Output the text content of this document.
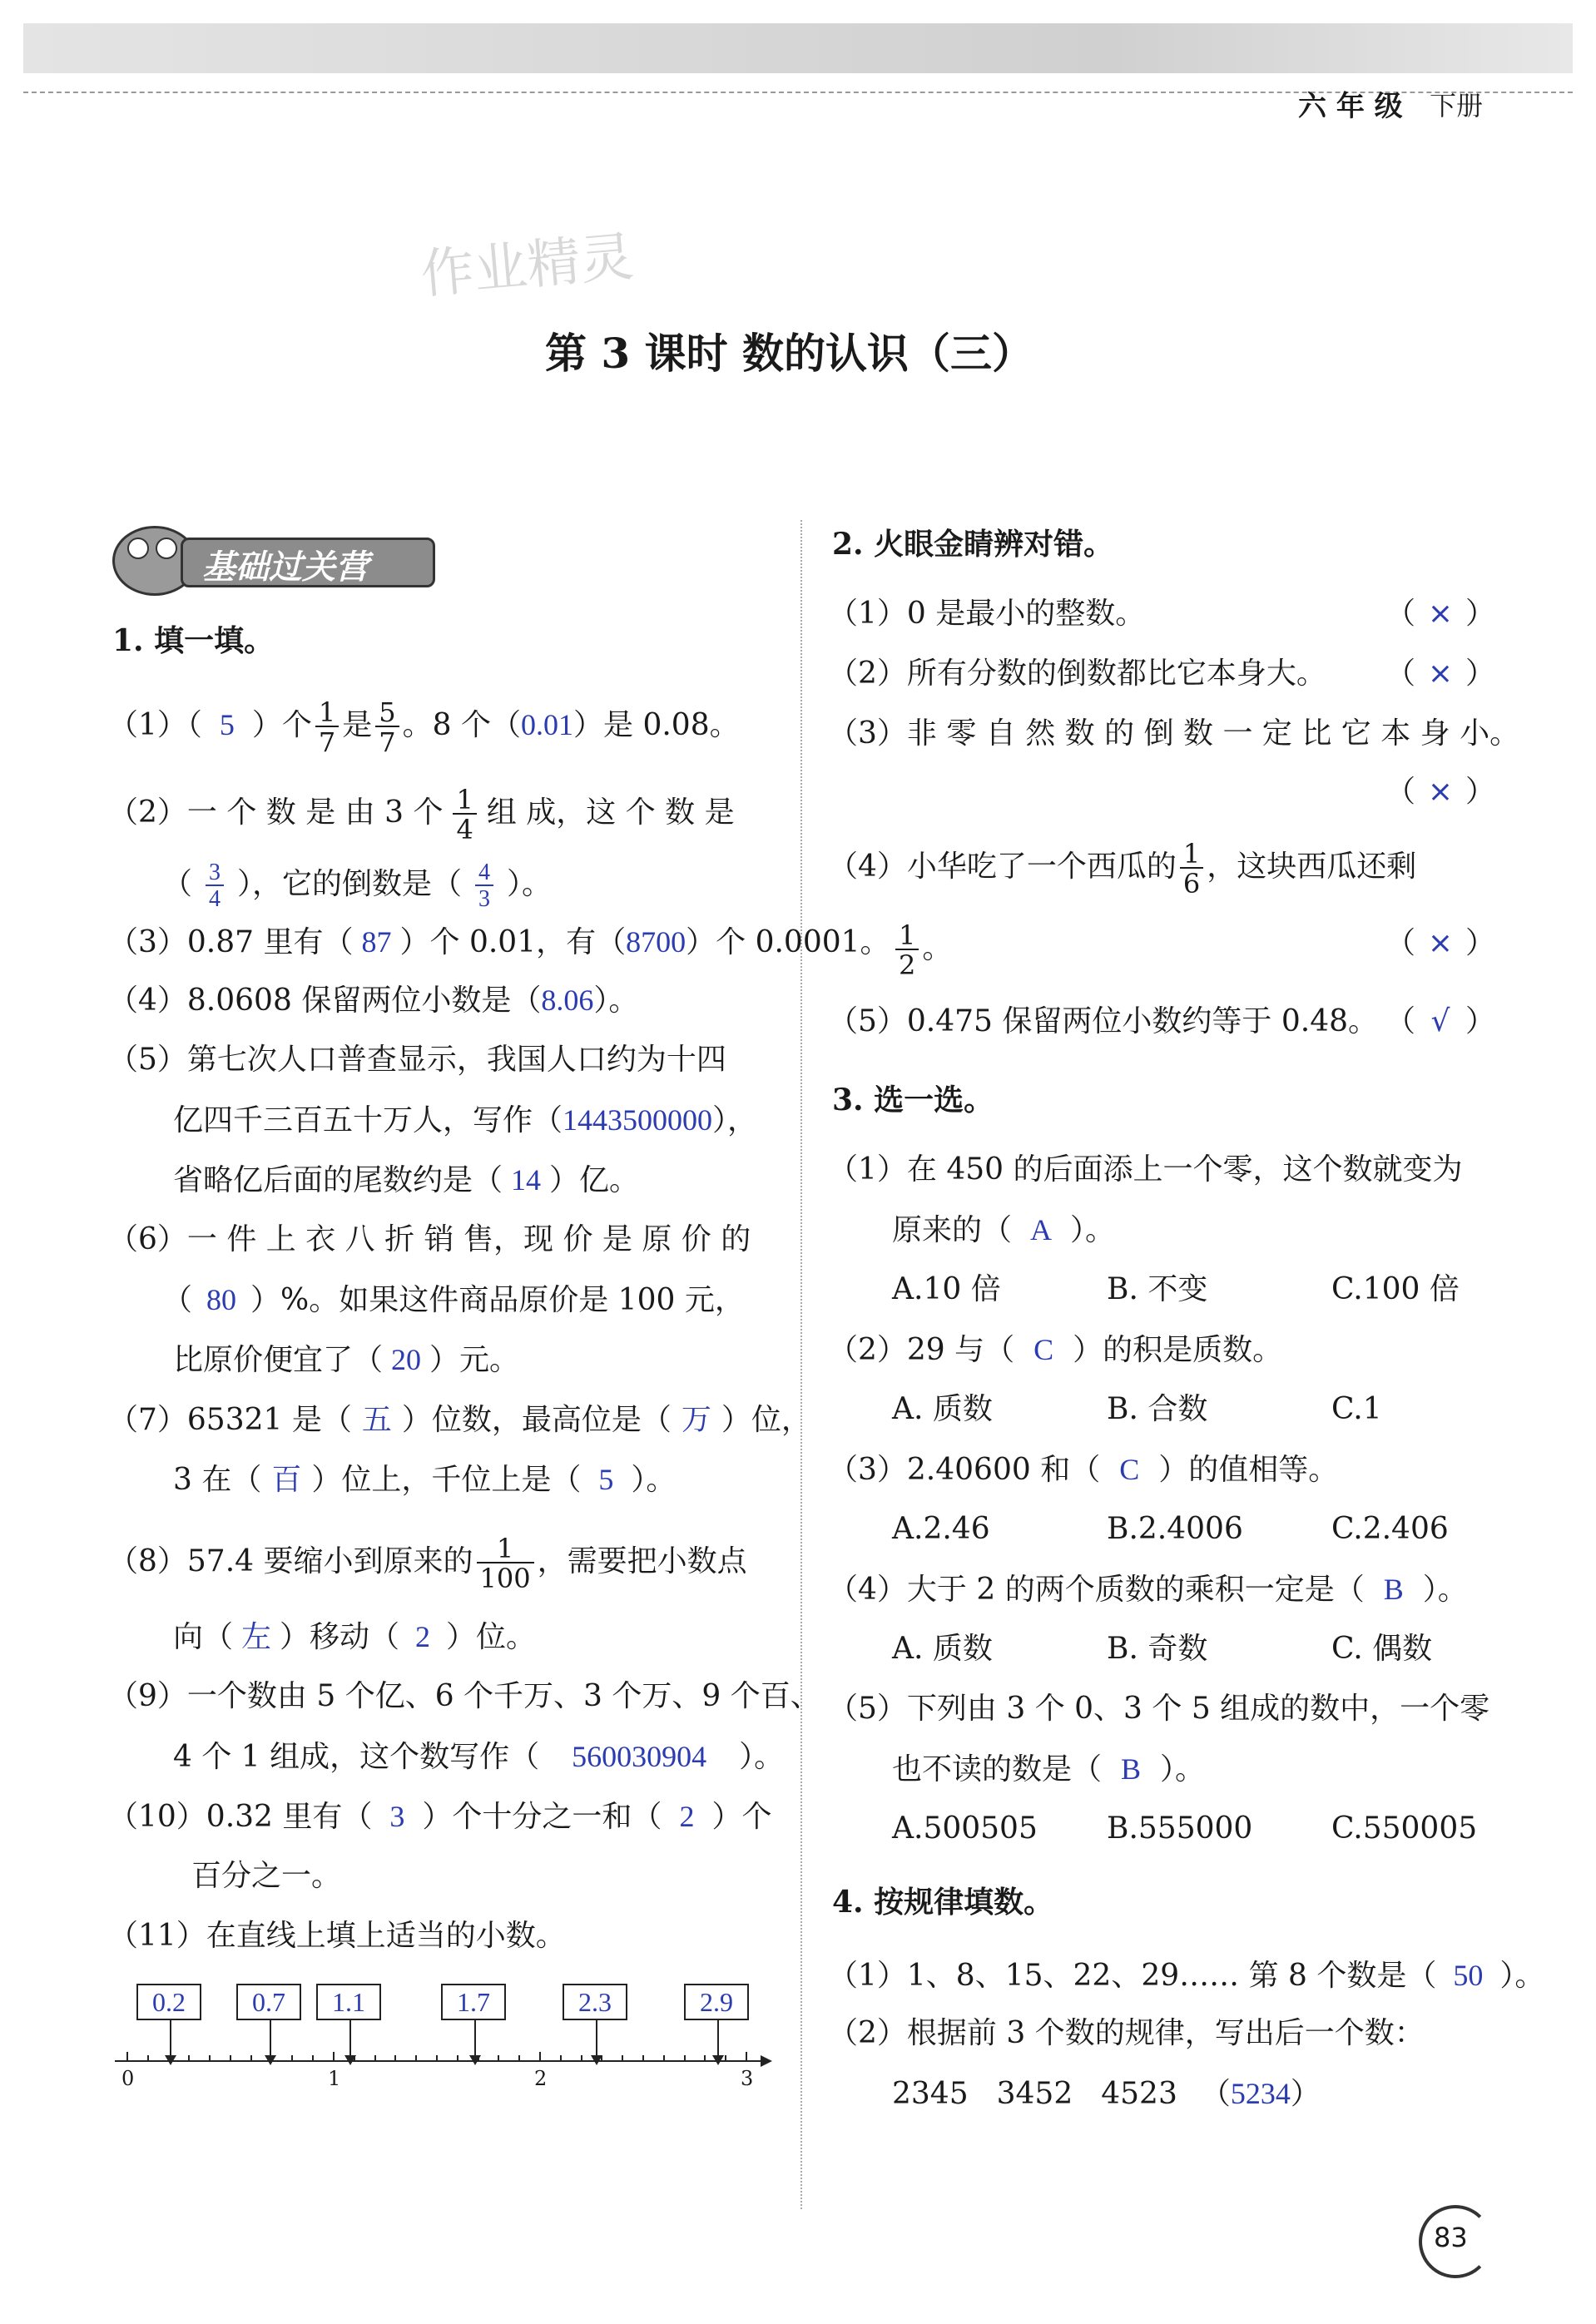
六 年 级 下册
作业精灵
第 3 课时 数的认识（三）
基础过关营
1. 填一填。
（1）（ 5 ）个 $\frac{1}{7}$ 是 $\frac{5}{7}$ 。8 个（0.01）是 0.08。
（2）一 个 数 是 由 3 个 $\frac{1}{4}$ 组 成，这 个 数 是
（ $\frac{3}{4}$ ），它的倒数是（ $\frac{4}{3}$ ）。
（3）0.87 里有（ 87 ）个 0.01，有（8700）个 0.0001。
（4）8.0608 保留两位小数是（8.06）。
（5）第七次人口普查显示，我国人口约为十四
亿四千三百五十万人，写作（1443500000），
省略亿后面的尾数约是（ 14 ）亿。
（6）一 件 上 衣 八 折 销 售，现 价 是 原 价 的
（ 80 ）%。如果这件商品原价是 100 元，
比原价便宜了（ 20 ）元。
（7）65321 是（ 五 ）位数，最高位是（ 万 ）位，
3 在（ 百 ）位上，千位上是（ 5 ）。
（8）57.4 要缩小到原来的 $\frac{1}{100}$ ，需要把小数点
向（ 左 ）移动（ 2 ）位。
（9）一个数由 5 个亿、6 个千万、3 个万、9 个百、
4 个 1 组成，这个数写作（ 560030904 ）。
（10）0.32 里有（ 3 ）个十分之一和（ 2 ）个
百分之一。
（11）在直线上填上适当的小数。
0.2	0.7	1.1	1.7	2.3	2.9
0	1	2	3
2. 火眼金睛辨对错。
（1）0 是最小的整数。	（ × ）
（2）所有分数的倒数都比它本身大。 （ × ）
（3）非 零 自 然 数 的 倒 数 一 定 比 它 本 身 小。
（ × ）
（4）小华吃了一个西瓜的 $\frac{1}{6}$ ，这块西瓜还剩
$\frac{1}{2}$ 。	（ × ）
（5）0.475 保留两位小数约等于 0.48。 （ √ ）
3. 选一选。
（1）在 450 的后面添上一个零，这个数就变为
原来的（ A ）。
A.10 倍	B. 不变	C.100 倍
（2）29 与（ C ）的积是质数。
A. 质数	B. 合数	C.1
（3）2.40600 和（ C ）的值相等。
A.2.46	B.2.4006	C.2.406
（4）大于 2 的两个质数的乘积一定是（ B ）。
A. 质数	B. 奇数	C. 偶数
（5）下列由 3 个 0、3 个 5 组成的数中，一个零
也不读的数是（ B ）。
A.500505 B.555000	C.550005
4. 按规律填数。
（1）1、8、15、22、29…… 第 8 个数是（ 50 ）。
（2）根据前 3 个数的规律，写出后一个数：
2345 3452 4523 （5234）
83
